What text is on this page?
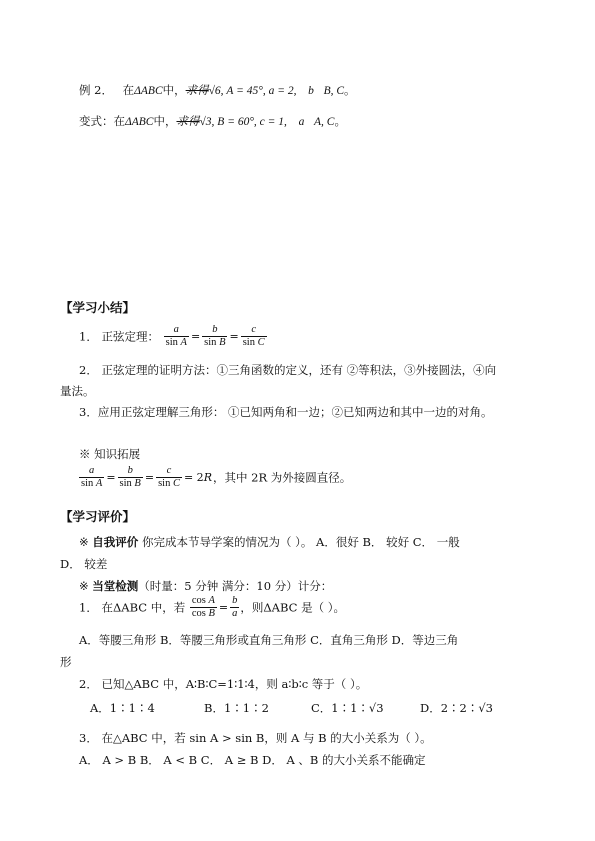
例 2． 在ΔABC中，求得√6, A = 45°, a = 2, b B, C。
变式：在ΔABC中，求得√3, B = 60°, c = 1, a A, C。
【学习小结】
1． 正弦定理： $\frac{a}{\text{sin A}} = \frac{b}{\text{sin B}} = \frac{c}{\text{sin C}}$
2． 正弦定理的证明方法：①三角函数的定义，还有 ②等积法，③外接圆法，④向
量法。
3．应用正弦定理解三角形： ①已知两角和一边；②已知两边和其中一边的对角。
※ 知识拓展
$\frac{a}{\text{sin A}} = \frac{b}{\text{sin B}} = \frac{c}{\text{sin C}} = 2R$，其中 2R 为外接圆直径。
【学习评价】
※ 自我评价 你完成本节导学案的情况为（ ）。 A．很好 B． 较好 C． 一般
D． 较差
※ 当堂检测（时量：5 分钟 满分：10 分）计分：
1． 在ΔABC 中，若 $\frac{\text{cos A}}{\text{cos B}} = \frac{b}{a}$ ，则ΔABC 是（ ）。
A．等腰三角形 B．等腰三角形或直角三角形 C．直角三角形 D．等边三角
形
2． 已知△ABC 中，A∶B∶C=1∶1∶4，则 a∶b∶c 等于（ ）。
A．1∶1∶4	B．1∶1∶2	C．1∶1∶√3	D．2∶2∶√3
3． 在△ABC 中，若 sin A > sin B，则 A 与 B 的大小关系为（ ）。
A． A > B B． A < B C． A ≥ B D． A 、B 的大小关系不能确定
